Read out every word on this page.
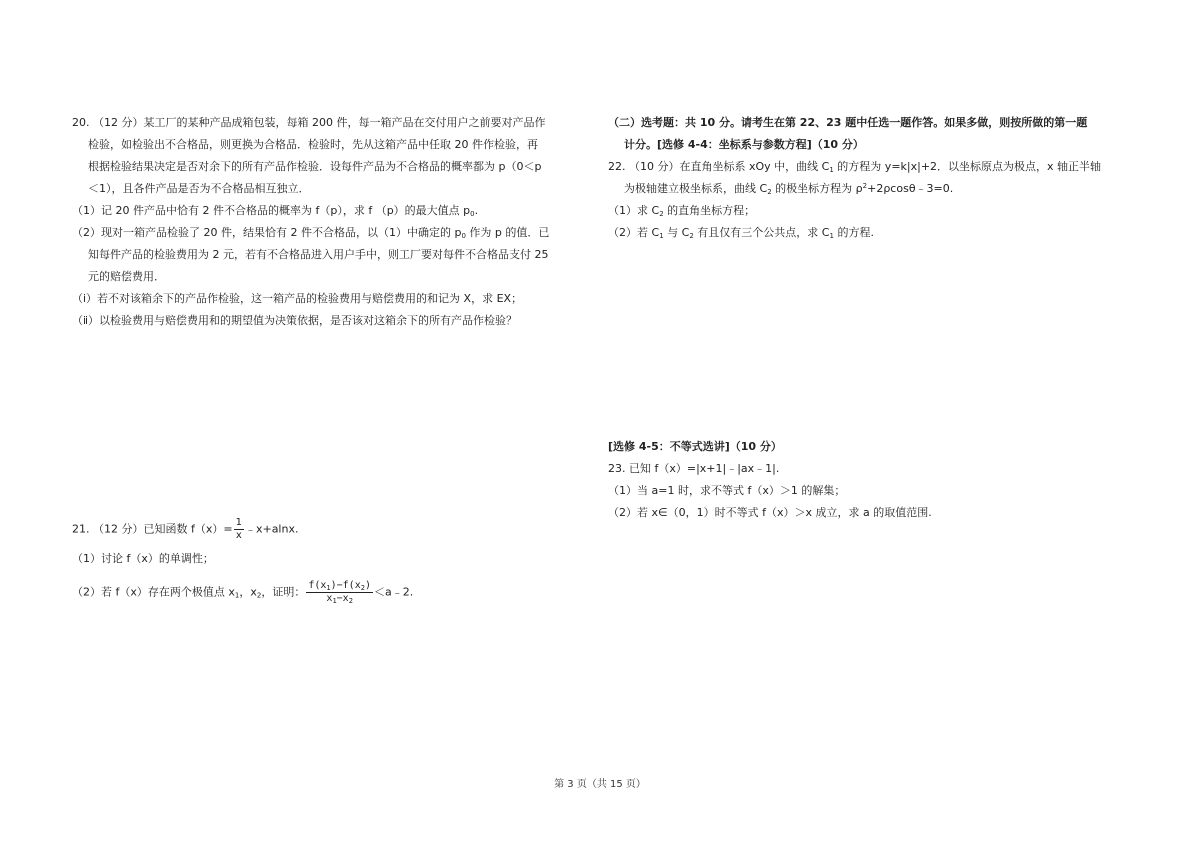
20. （12 分）某工厂的某种产品成箱包装，每箱 200 件，每一箱产品在交付用户之前要对产品作

检验，如检验出不合格品，则更换为合格品．检验时，先从这箱产品中任取 20 件作检验，再

根据检验结果决定是否对余下的所有产品作检验．设每件产品为不合格品的概率都为 p（0＜p

＜1），且各件产品是否为不合格品相互独立．

（1）记 20 件产品中恰有 2 件不合格品的概率为 f（p），求 f （p）的最大值点 $p_0$.

（2）现对一箱产品检验了 20 件，结果恰有 2 件不合格品，以（1）中确定的 $p_0$ 作为 p 的值．已

知每件产品的检验费用为 2 元，若有不合格品进入用户手中，则工厂要对每件不合格品支付 25

元的赔偿费用．

（i）若不对该箱余下的产品作检验，这一箱产品的检验费用与赔偿费用的和记为 X，求 EX；

（ⅱ）以检验费用与赔偿费用和的期望值为决策依据，是否该对这箱余下的所有产品作检验？

21. （12 分）已知函数 $f(x)= \frac{1}{x}$ ﹣x+alnx.

（1）讨论 f（x）的单调性；

（2）若 f（x）存在两个极值点 $x_1$，$x_2$，证明： $\frac{f(x_1)-f(x_2)}{x_1-x_2}$ ＜a﹣2.

（二）选考题：共 10 分。请考生在第 22、23 题中任选一题作答。如果多做，则按所做的第一题

计分。[选修 4-4：坐标系与参数方程]（10 分）

22. （10 分）在直角坐标系 xOy 中，曲线 $C_1$ 的方程为 y=k|x|+2．以坐标原点为极点，x 轴正半轴

为极轴建立极坐标系，曲线 $C_2$ 的极坐标方程为 $\rho^2+2\rho\cos\theta﹣3=0$.

（1）求 $C_2$ 的直角坐标方程；

（2）若 $C_1$ 与 $C_2$ 有且仅有三个公共点，求 $C_1$ 的方程.

[选修 4-5：不等式选讲]（10 分）

23. 已知 f（x）=|x+1|﹣|ax﹣1|.

（1）当 a=1 时，求不等式 f（x）＞1 的解集；

（2）若 x∈（0，1）时不等式 f（x）＞x 成立，求 a 的取值范围.

第 3 页（共 15 页）
